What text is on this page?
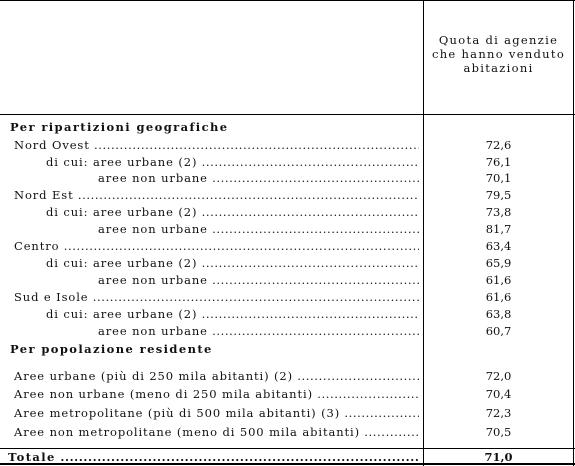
Quota di agenzie
che hanno venduto
abitazioni
Per ripartizioni geografiche
Nord Ovest .....	72,6
di cui: aree urbane (2) .....	76,1
aree non urbane .....	70,1
Nord Est .....	79,5
di cui: aree urbane (2) .....	73,8
aree non urbane .....	81,7
Centro .....	63,4
di cui: aree urbane (2) .....	65,9
aree non urbane .....	61,6
Sud e Isole .....	61,6
di cui: aree urbane (2) .....	63,8
aree non urbane .....	60,7
Per popolazione residente
Aree urbane (più di 250 mila abitanti) (2) .....	72,0
Aree non urbane (meno di 250 mila abitanti) .....	70,4
Aree metropolitane (più di 500 mila abitanti) (3) .....	72,3
Aree non metropolitane (meno di 500 mila abitanti) .....	70,5
Totale .....	71,0
